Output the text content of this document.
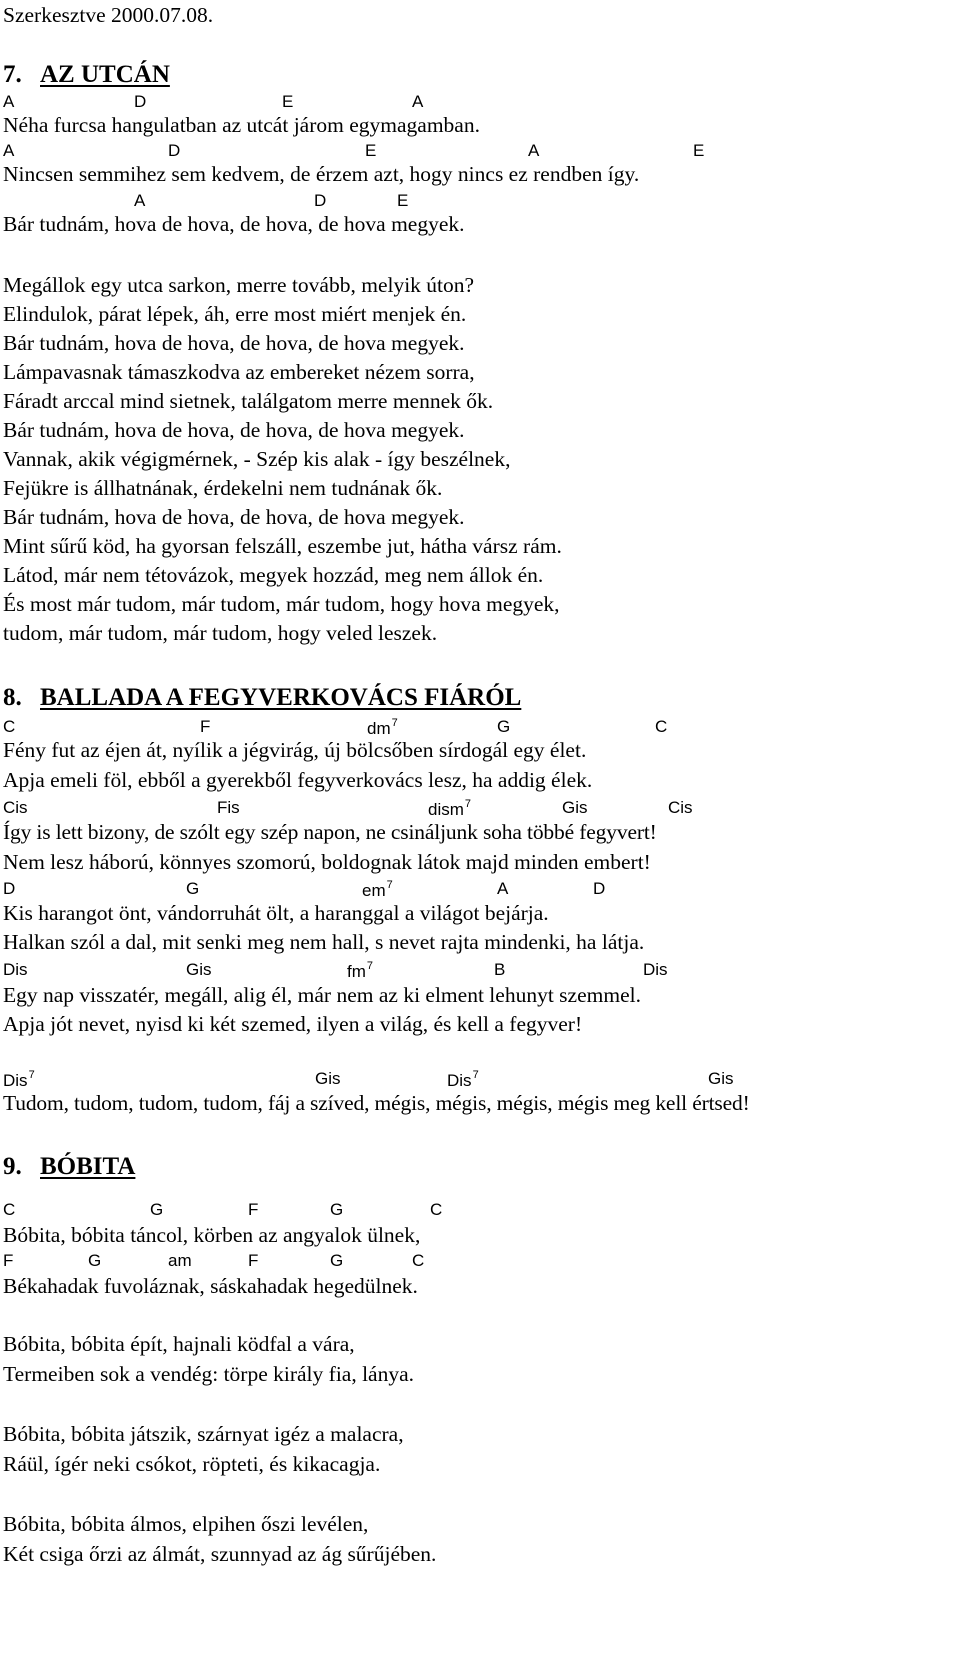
Szerkesztve 2000.07.08.
7. AZ UTCÁN
A	D	E	A
Néha furcsa hangulatban az utcát járom egymagamban.
A	D	E	A	E
Nincsen semmihez sem kedvem, de érzem azt, hogy nincs ez rendben így.
A	D	E
Bár tudnám, hova de hova, de hova, de hova megyek.
Megállok egy utca sarkon, merre tovább, melyik úton?
Elindulok, párat lépek, áh, erre most miért menjek én.
Bár tudnám, hova de hova, de hova, de hova megyek.
Lámpavasnak támaszkodva az embereket nézem sorra,
Fáradt arccal mind sietnek, találgatom merre mennek ők.
Bár tudnám, hova de hova, de hova, de hova megyek.
Vannak, akik végigmérnek, - Szép kis alak - így beszélnek,
Fejükre is állhatnának, érdekelni nem tudnának ők.
Bár tudnám, hova de hova, de hova, de hova megyek.
Mint sűrű köd, ha gyorsan felszáll, eszembe jut, hátha vársz rám.
Látod, már nem tétovázok, megyek hozzád, meg nem állok én.
És most már tudom, már tudom, már tudom, hogy hova megyek,
tudom, már tudom, már tudom, hogy veled leszek.
8. BALLADA A FEGYVERKOVÁCS FIÁRÓL
C	F	$dm^7$	G	C
Fény fut az éjen át, nyílik a jégvirág, új bölcsőben sírdogál egy élet.
Apja emeli föl, ebből a gyerekből fegyverkovács lesz, ha addig élek.
Cis	Fis	dism$^7$	Gis	Cis
Így is lett bizony, de szólt egy szép napon, ne csináljunk soha többé fegyvert!
Nem lesz háború, könnyes szomorú, boldognak látok majd minden embert!
D	G	$em^7$	A	D
Kis harangot önt, vándorruhát ölt, a haranggal a világot bejárja.
Halkan szól a dal, mit senki meg nem hall, s nevet rajta mindenki, ha látja.
Dis	Gis	$fm^7$	B	Dis
Egy nap visszatér, megáll, alig él, már nem az ki elment lehunyt szemmel.
Apja jót nevet, nyisd ki két szemed, ilyen a világ, és kell a fegyver!
Dis$^7$	Gis	Dis$^7$	Gis
Tudom, tudom, tudom, tudom, fáj a szíved, mégis, mégis, mégis, mégis meg kell értsed!
9. BÓBITA
C	G	F	G	C
Bóbita, bóbita táncol, körben az angyalok ülnek,
F	G	am	F	G	C
Békahadak fuvoláznak, sáskahadak hegedülnek.
Bóbita, bóbita épít, hajnali ködfal a vára,
Termeiben sok a vendég: törpe király fia, lánya.
Bóbita, bóbita játszik, szárnyat igéz a malacra,
Ráül, ígér neki csókot, röpteti, és kikacagja.
Bóbita, bóbita álmos, elpihen őszi levélen,
Két csiga őrzi az álmát, szunnyad az ág sűrűjében.
